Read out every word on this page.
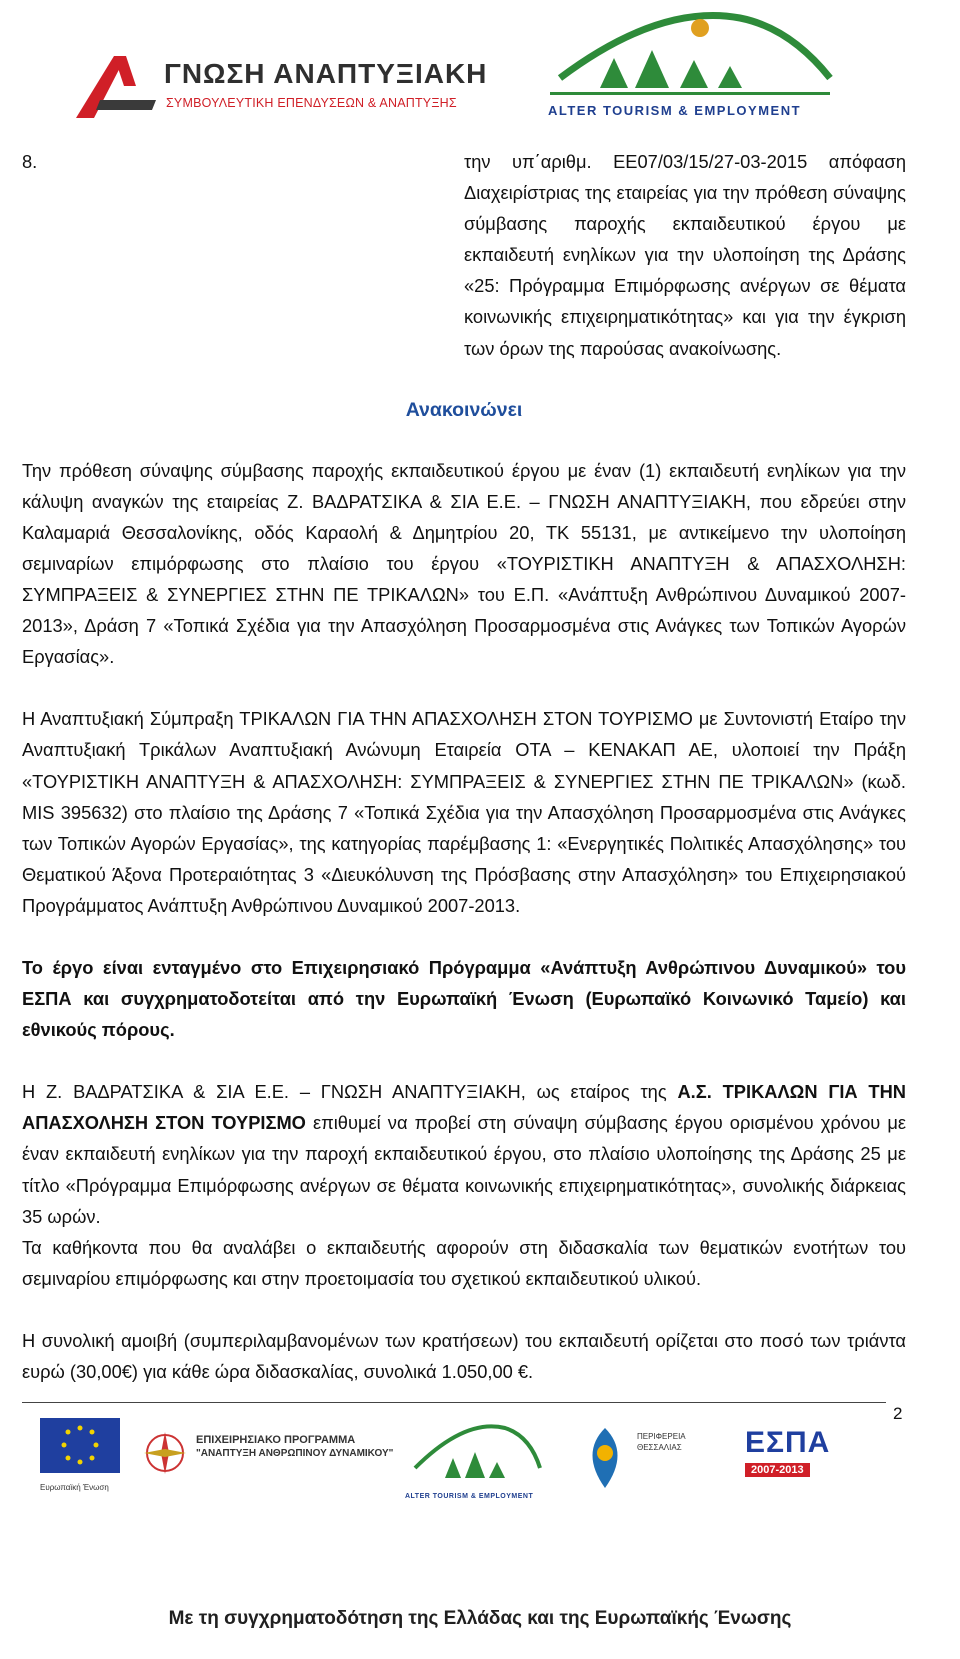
ΓΝΩΣΗ ΑΝΑΠΤΥΞΙΑΚΗ
ΣΥΜΒΟΥΛΕΥΤΙΚΗ ΕΠΕΝΔΥΣΕΩΝ & ΑΝΑΠΤΥΞΗΣ	ALTER TOURISM & EMPLOYMENT
8.	την υπ΄αριθμ. ΕΕ07/03/15/27-03-2015 απόφαση Διαχειρίστριας της εταιρείας για την πρόθεση σύναψης σύμβασης παροχής εκπαιδευτικού έργου με εκπαιδευτή ενηλίκων για την υλοποίηση της Δράσης «25: Πρόγραμμα Επιμόρφωσης ανέργων σε θέματα κοινωνικής επιχειρηματικότητας» και για την έγκριση των όρων της παρούσας ανακοίνωσης.

Ανακοινώνει

Την πρόθεση σύναψης σύμβασης παροχής εκπαιδευτικού έργου με έναν (1) εκπαιδευτή ενηλίκων για την κάλυψη αναγκών της εταιρείας Ζ. ΒΑΔΡΑΤΣΙΚΑ & ΣΙΑ Ε.Ε. – ΓΝΩΣΗ ΑΝΑΠΤΥΞΙΑΚΗ, που εδρεύει στην Καλαμαριά Θεσσαλονίκης, οδός Καραολή & Δημητρίου 20, ΤΚ 55131, με αντικείμενο την υλοποίηση σεμιναρίων επιμόρφωσης στο πλαίσιο του έργου «ΤΟΥΡΙΣΤΙΚΗ ΑΝΑΠΤΥΞΗ & ΑΠΑΣΧΟΛΗΣΗ: ΣΥΜΠΡΑΞΕΙΣ & ΣΥΝΕΡΓΙΕΣ ΣΤΗΝ ΠΕ ΤΡΙΚΑΛΩΝ» του Ε.Π. «Ανάπτυξη Ανθρώπινου Δυναμικού 2007-2013», Δράση 7 «Τοπικά Σχέδια για την Απασχόληση Προσαρμοσμένα στις Ανάγκες των Τοπικών Αγορών Εργασίας».

Η Αναπτυξιακή Σύμπραξη ΤΡΙΚΑΛΩΝ ΓΙΑ ΤΗΝ ΑΠΑΣΧΟΛΗΣΗ ΣΤΟΝ ΤΟΥΡΙΣΜΟ με Συντονιστή Εταίρο την Αναπτυξιακή Τρικάλων Αναπτυξιακή Ανώνυμη Εταιρεία ΟΤΑ – ΚΕΝΑΚΑΠ ΑΕ, υλοποιεί την Πράξη «ΤΟΥΡΙΣΤΙΚΗ ΑΝΑΠΤΥΞΗ & ΑΠΑΣΧΟΛΗΣΗ: ΣΥΜΠΡΑΞΕΙΣ & ΣΥΝΕΡΓΙΕΣ ΣΤΗΝ ΠΕ ΤΡΙΚΑΛΩΝ» (κωδ. MIS 395632) στο πλαίσιο της Δράσης 7 «Τοπικά Σχέδια για την Απασχόληση Προσαρμοσμένα στις Ανάγκες των Τοπικών Αγορών Εργασίας», της κατηγορίας παρέμβασης 1: «Ενεργητικές Πολιτικές Απασχόλησης» του Θεματικού Άξονα Προτεραιότητας 3 «Διευκόλυνση της Πρόσβασης στην Απασχόληση» του Επιχειρησιακού Προγράμματος Ανάπτυξη Ανθρώπινου Δυναμικού 2007-2013.

Το έργο είναι ενταγμένο στο Επιχειρησιακό Πρόγραμμα «Ανάπτυξη Ανθρώπινου Δυναμικού» του ΕΣΠΑ και συγχρηματοδοτείται από την Ευρωπαϊκή Ένωση (Ευρωπαϊκό Κοινωνικό Ταμείο) και εθνικούς πόρους.

Η Ζ. ΒΑΔΡΑΤΣΙΚΑ & ΣΙΑ Ε.Ε. – ΓΝΩΣΗ ΑΝΑΠΤΥΞΙΑΚΗ, ως εταίρος της Α.Σ. ΤΡΙΚΑΛΩΝ ΓΙΑ ΤΗΝ ΑΠΑΣΧΟΛΗΣΗ ΣΤΟΝ ΤΟΥΡΙΣΜΟ επιθυμεί να προβεί στη σύναψη σύμβασης έργου ορισμένου χρόνου με έναν εκπαιδευτή ενηλίκων για την παροχή εκπαιδευτικού έργου, στο πλαίσιο υλοποίησης της Δράσης 25 με τίτλο «Πρόγραμμα Επιμόρφωσης ανέργων σε θέματα κοινωνικής επιχειρηματικότητας», συνολικής διάρκειας 35 ωρών.

Τα καθήκοντα που θα αναλάβει ο εκπαιδευτής αφορούν στη διδασκαλία των θεματικών ενοτήτων του σεμιναρίου επιμόρφωσης και στην προετοιμασία του σχετικού εκπαιδευτικού υλικού.

Η συνολική αμοιβή (συμπεριλαμβανομένων των κρατήσεων) του εκπαιδευτή ορίζεται στο ποσό των τριάντα ευρώ (30,00€) για κάθε ώρα διδασκαλίας, συνολικά 1.050,00 €.

2
Ευρωπαϊκή Ένωση
ΕΠΙΧΕΙΡΗΣΙΑΚΟ ΠΡΟΓΡΑΜΜΑ
"ΑΝΑΠΤΥΞΗ ΑΝΘΡΩΠΙΝΟΥ ΔΥΝΑΜΙΚΟΥ"
ALTER TOURISM & EMPLOYMENT
ΠΕΡΙΦΕΡΕΙΑ ΘΕΣΣΑΛΙΑΣ	ΕΣΠΑ
2007-2013
Με τη συγχρηματοδότηση της Ελλάδας και της Ευρωπαϊκής Ένωσης
